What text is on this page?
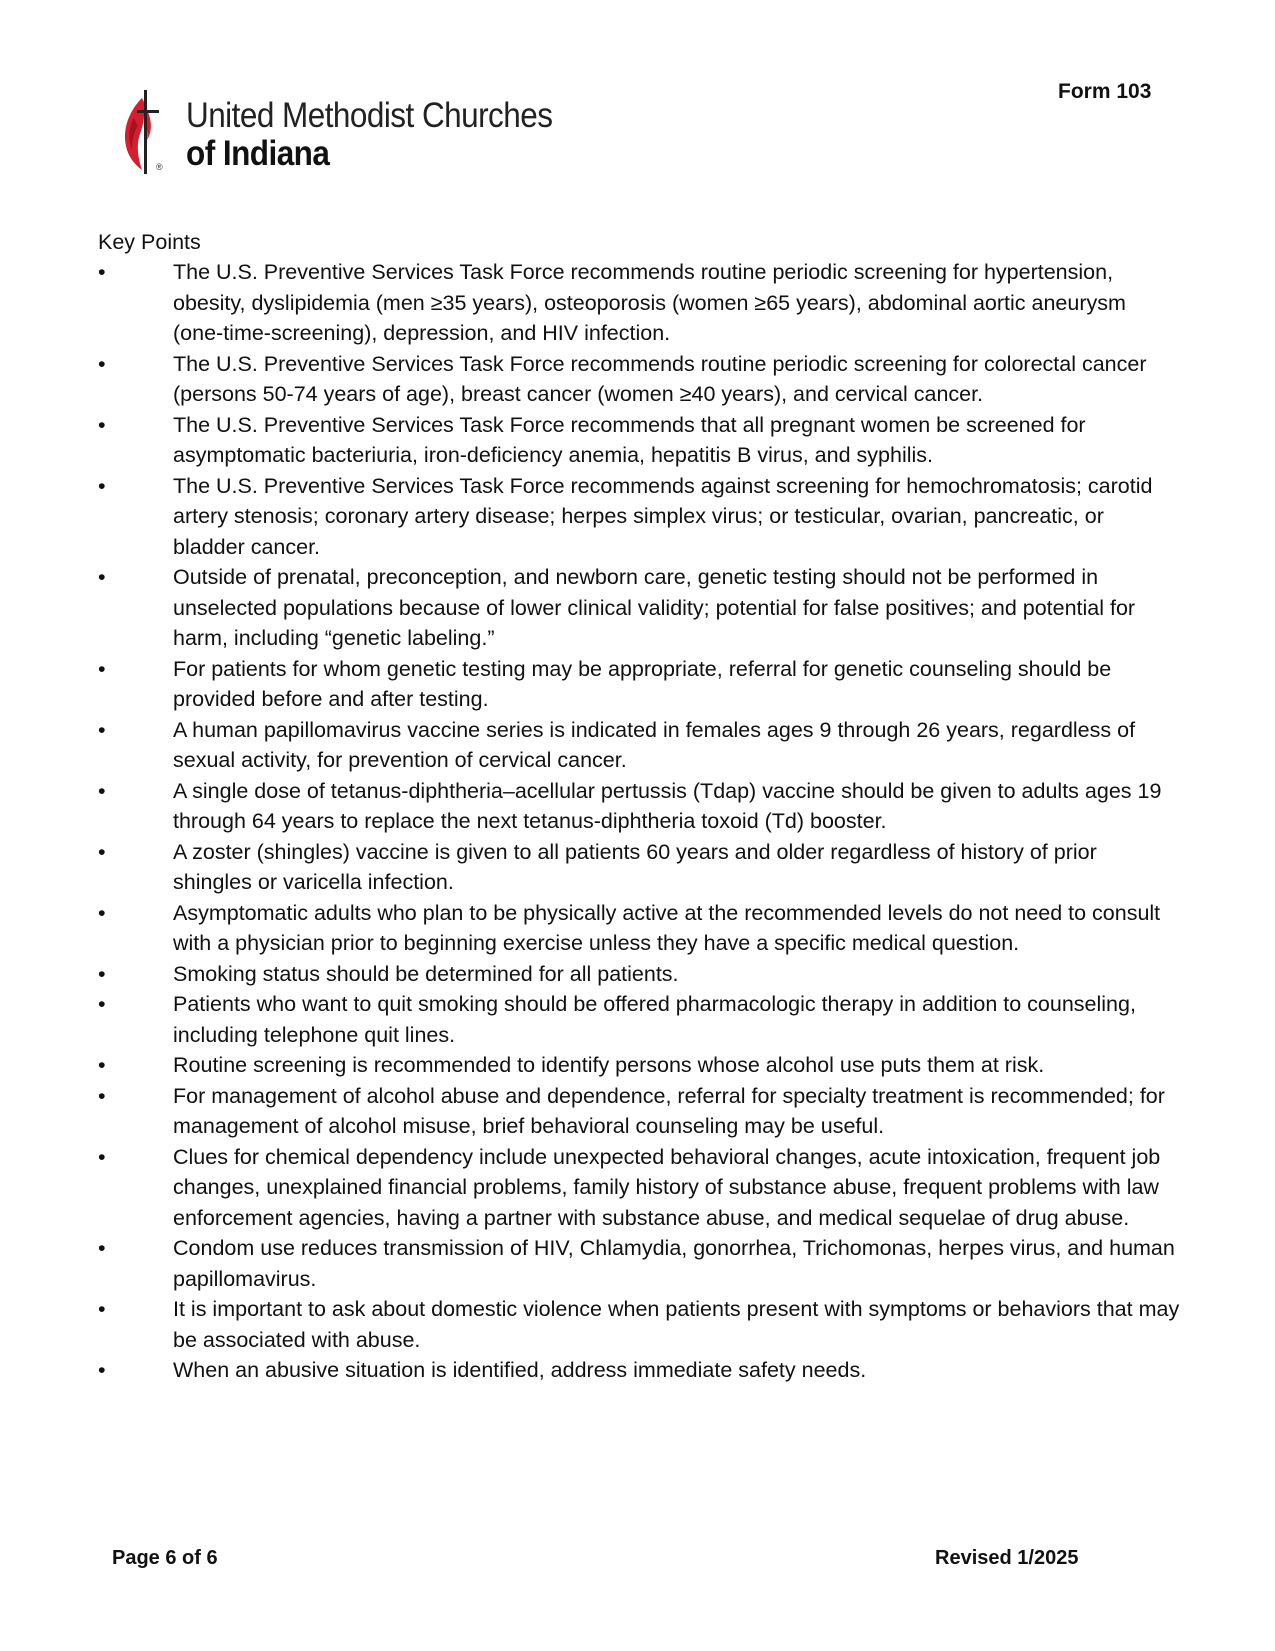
®
United Methodist Churches
of Indiana
Form 103
Key Points
•	The U.S. Preventive Services Task Force recommends routine periodic screening for hypertension, obesity, dyslipidemia (men ≥35 years), osteoporosis (women ≥65 years), abdominal aortic aneurysm (one-time-screening), depression, and HIV infection.
•	The U.S. Preventive Services Task Force recommends routine periodic screening for colorectal cancer (persons 50-74 years of age), breast cancer (women ≥40 years), and cervical cancer.
•	The U.S. Preventive Services Task Force recommends that all pregnant women be screened for asymptomatic bacteriuria, iron-deficiency anemia, hepatitis B virus, and syphilis.
•	The U.S. Preventive Services Task Force recommends against screening for hemochromatosis; carotid artery stenosis; coronary artery disease; herpes simplex virus; or testicular, ovarian, pancreatic, or bladder cancer.
•	Outside of prenatal, preconception, and newborn care, genetic testing should not be performed in unselected populations because of lower clinical validity; potential for false positives; and potential for harm, including “genetic labeling.”
•	For patients for whom genetic testing may be appropriate, referral for genetic counseling should be provided before and after testing.
•	A human papillomavirus vaccine series is indicated in females ages 9 through 26 years, regardless of sexual activity, for prevention of cervical cancer.
•	A single dose of tetanus-diphtheria–acellular pertussis (Tdap) vaccine should be given to adults ages 19 through 64 years to replace the next tetanus-diphtheria toxoid (Td) booster.
•	A zoster (shingles) vaccine is given to all patients 60 years and older regardless of history of prior shingles or varicella infection.
•	Asymptomatic adults who plan to be physically active at the recommended levels do not need to consult with a physician prior to beginning exercise unless they have a specific medical question.
•	Smoking status should be determined for all patients.
•	Patients who want to quit smoking should be offered pharmacologic therapy in addition to counseling, including telephone quit lines.
•	Routine screening is recommended to identify persons whose alcohol use puts them at risk.
•	For management of alcohol abuse and dependence, referral for specialty treatment is recommended; for management of alcohol misuse, brief behavioral counseling may be useful.
•	Clues for chemical dependency include unexpected behavioral changes, acute intoxication, frequent job changes, unexplained financial problems, family history of substance abuse, frequent problems with law enforcement agencies, having a partner with substance abuse, and medical sequelae of drug abuse.
•	Condom use reduces transmission of HIV, Chlamydia, gonorrhea, Trichomonas, herpes virus, and human papillomavirus.
•	It is important to ask about domestic violence when patients present with symptoms or behaviors that may be associated with abuse.
•	When an abusive situation is identified, address immediate safety needs.
Page 6 of 6	Revised 1/2025
